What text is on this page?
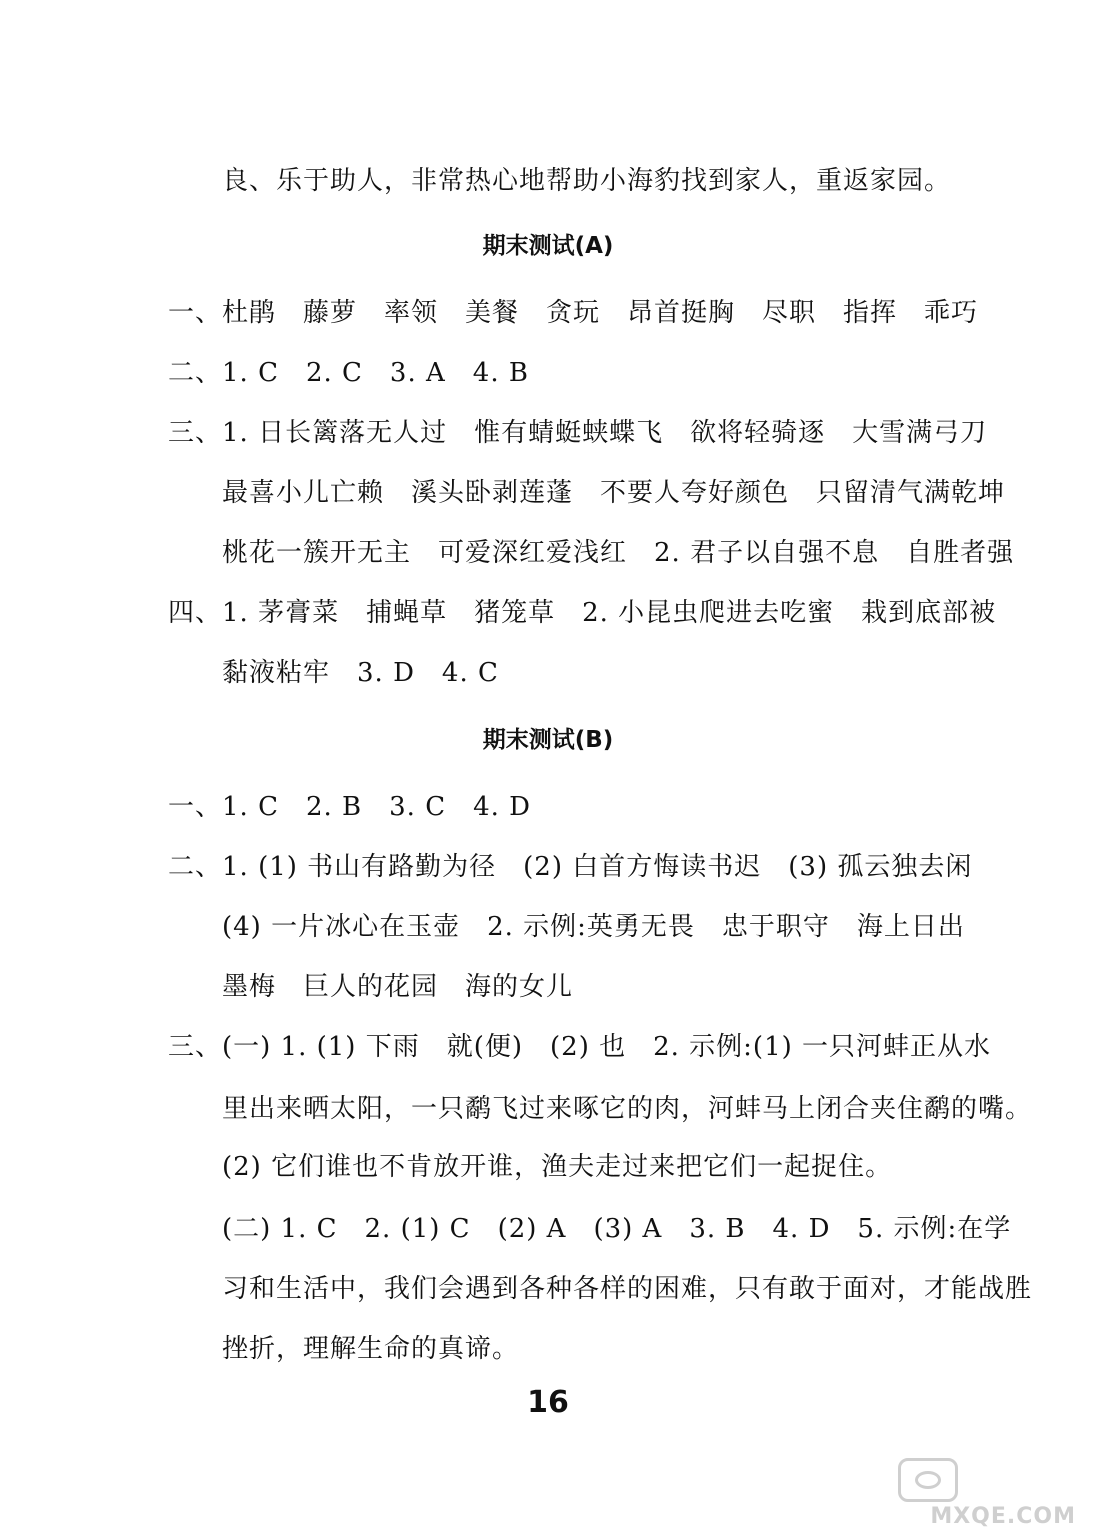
良、乐于助人，非常热心地帮助小海豹找到家人，重返家园。
期末测试(A)
一、杜鹃　藤萝　率领　美餐　贪玩　昂首挺胸　尽职　指挥　乖巧
二、1. C　2. C　3. A　4. B
三、1. 日长篱落无人过　惟有蜻蜓蛱蝶飞　欲将轻骑逐　大雪满弓刀
最喜小儿亡赖　溪头卧剥莲蓬　不要人夸好颜色　只留清气满乾坤
桃花一簇开无主　可爱深红爱浅红　2. 君子以自强不息　自胜者强
四、1. 茅膏菜　捕蝇草　猪笼草　2. 小昆虫爬进去吃蜜　栽到底部被
黏液粘牢　3. D　4. C
期末测试(B)
一、1. C　2. B　3. C　4. D
二、1. (1) 书山有路勤为径　(2) 白首方悔读书迟　(3) 孤云独去闲
(4) 一片冰心在玉壶　2. 示例:英勇无畏　忠于职守　海上日出
墨梅　巨人的花园　海的女儿
三、(一) 1. (1) 下雨　就(便)　(2) 也　2. 示例:(1) 一只河蚌正从水
里出来晒太阳，一只鹬飞过来啄它的肉，河蚌马上闭合夹住鹬的嘴。
(2) 它们谁也不肯放开谁，渔夫走过来把它们一起捉住。
(二) 1. C　2. (1) C　(2) A　(3) A　3. B　4. D　5. 示例:在学
习和生活中，我们会遇到各种各样的困难，只有敢于面对，才能战胜
挫折，理解生命的真谛。
16
MXQE.COM
